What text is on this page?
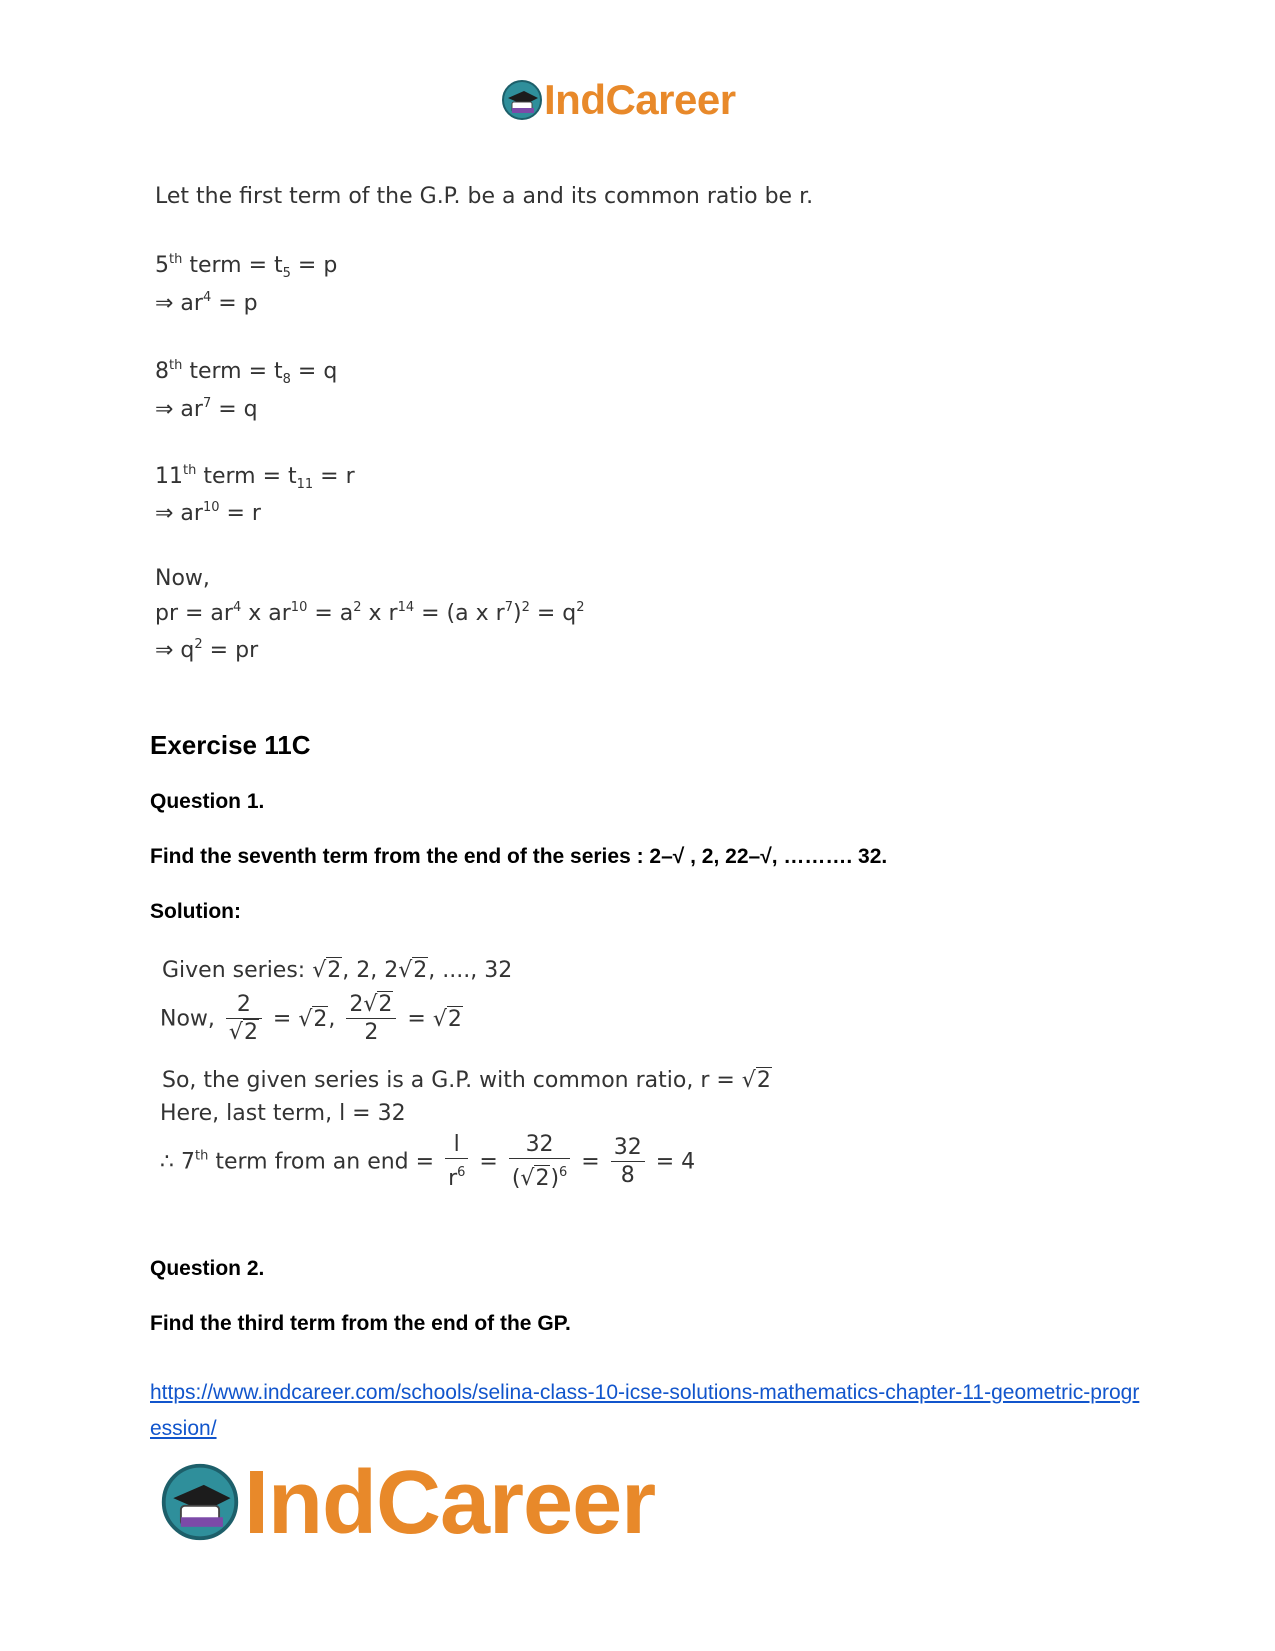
IndCareer
Let the first term of the G.P. be a and its common ratio be r.
5th term = $t_5 = p$
⇒ $ar^4 = p$
8th term = $t_8 = q$
⇒ $ar^7 = q$
11th term = $t_{11} = r$
⇒ $ar^{10} = r$
Now,
pr = $ar^4$ x $ar^{10} = a^2$ x $r^{14} = (a$ x $r^7)^2 = q^2$
⇒ $q^2$ = pr
Exercise 11C
Question 1.
Find the seventh term from the end of the series : 2–√ , 2, 22–√, ………. 32.
Solution:
Given series: √2, 2, 2√2, ...., 32
Now, $\frac{2}{√2} = √2$, $\frac{2√2}{2} = √2$
So, the given series is a G.P. with common ratio, r = √2
Here, last term, l = 32
∴ 7th term from an end = $\frac{l}{r^6} = \frac{32}{(√2)^6} = \frac{32}{8} = 4$
Question 2.
Find the third term from the end of the GP.
https://www.indcareer.com/schools/selina-class-10-icse-solutions-mathematics-chapter-11-geometric-progression/
IndCareer
